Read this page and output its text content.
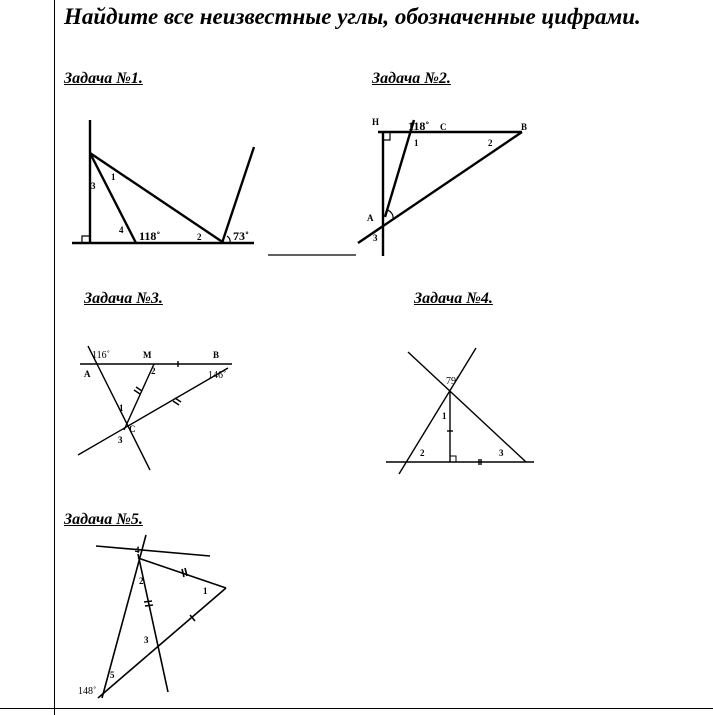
Найдите все неизвестные углы, обозначенные цифрами.
Задача №1.	Задача №2.
Задача №3.	Задача №4.
Задача №5.
1
3
4
2
118˚	73˚
H 118˚ C	B
1	2
A
3
116˚	M	B
A	2	146˚
1
C
3
79˚
1
2	3
4
2
1
3
5
148˚
